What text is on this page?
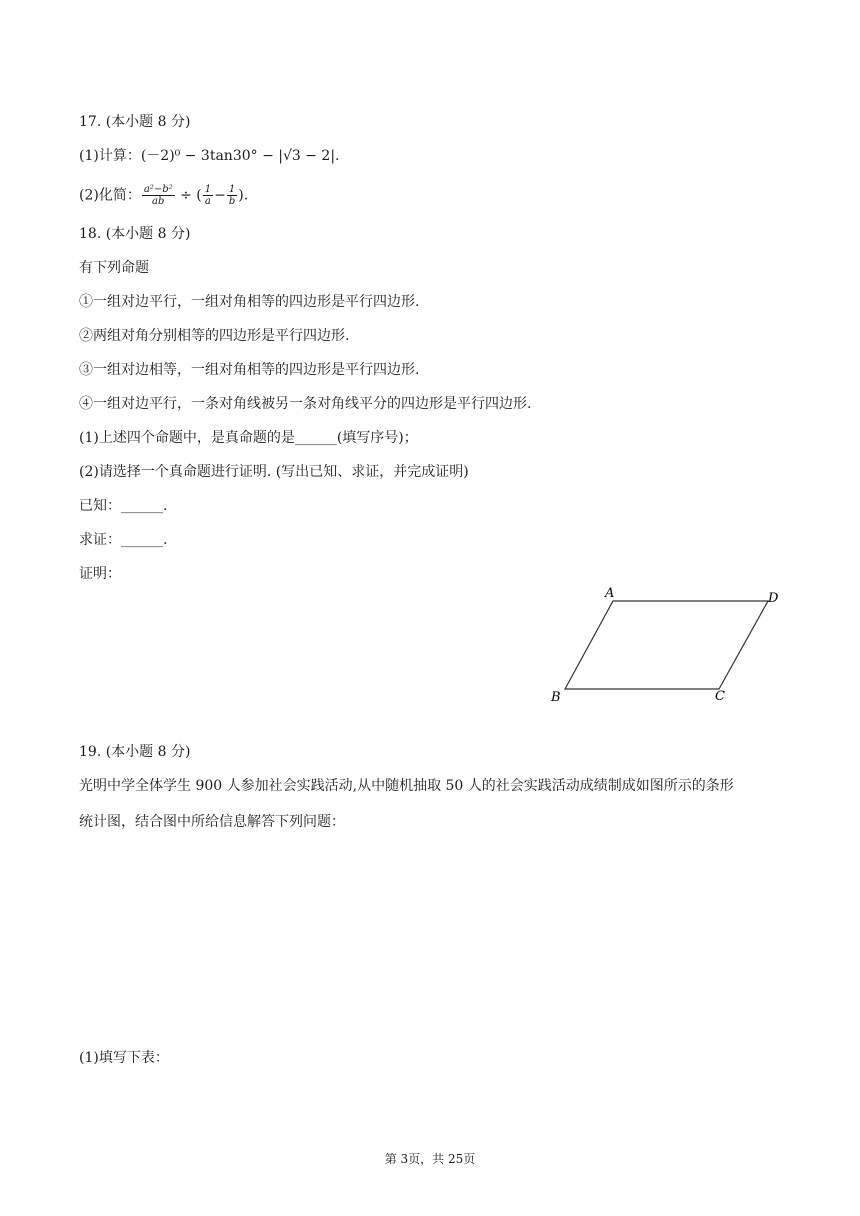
17. (本小题 8 分)
(1)计算：(－2)⁰ − 3tan30° − |√3 − 2|.
(2)化简： $\frac{\text{a²−b²}}{ab}$ ÷ ( $\frac{1}{a} - \frac{1}{b}$ ).
18. (本小题 8 分)
有下列命题
①一组对边平行，一组对角相等的四边形是平行四边形.
②两组对角分别相等的四边形是平行四边形.
③一组对边相等，一组对角相等的四边形是平行四边形.
④一组对边平行，一条对角线被另一条对角线平分的四边形是平行四边形.
(1)上述四个命题中，是真命题的是______(填写序号)；
(2)请选择一个真命题进行证明. (写出已知、求证，并完成证明)
已知：______.
求证：______.
证明：
A	D
B	C
19. (本小题 8 分)
光明中学全体学生 900 人参加社会实践活动,从中随机抽取 50 人的社会实践活动成绩制成如图所示的条形
统计图，结合图中所给信息解答下列问题：
(1)填写下表：
第 3页，共 25页
